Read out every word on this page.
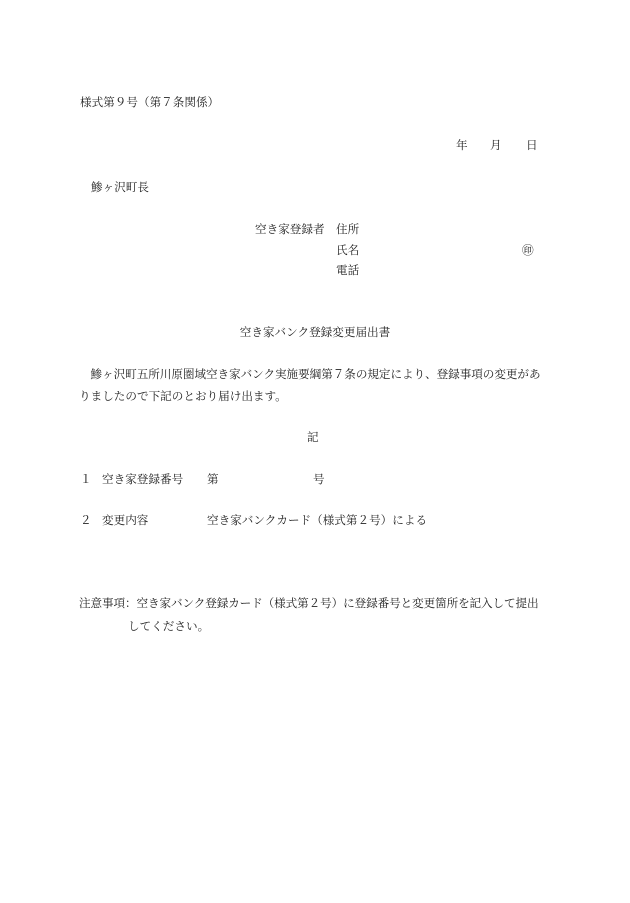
様式第９号（第７条関係）
年 月 日
鯵ヶ沢町長
空き家登録者 住所
氏名	㊞
電話
空き家バンク登録変更届出書
　鯵ヶ沢町五所川原圏域空き家バンク実施要綱第７条の規定により、登録事項の変更があ
りましたので下記のとおり届け出ます。
記
１ 空き家登録番号 第	号
２ 変更内容	空き家バンクカード（様式第２号）による
注意事項：空き家バンク登録カード（様式第２号）に登録番号と変更箇所を記入して提出
してください。
